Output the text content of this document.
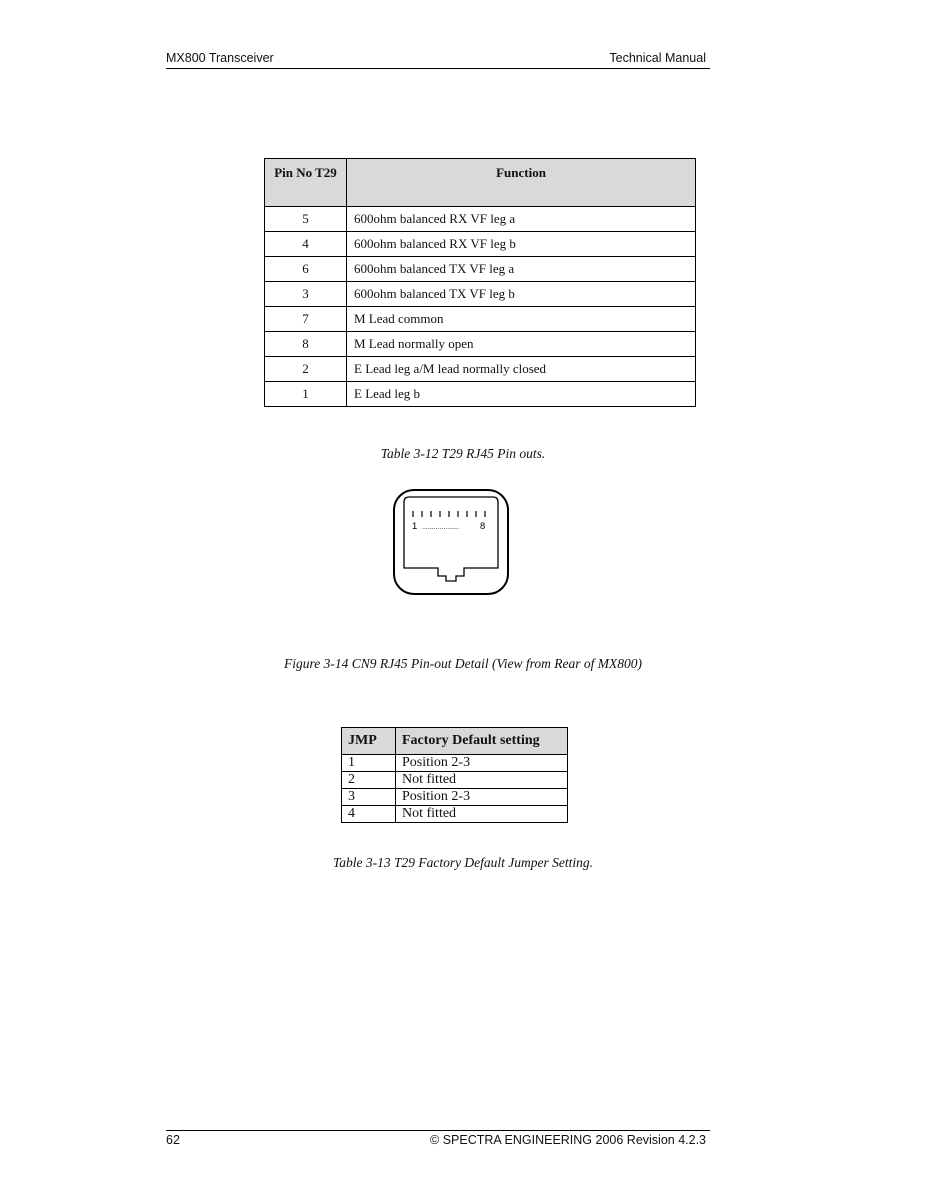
MX800 Transceiver	Technical Manual
Pin No T29	Function
5	600ohm balanced RX VF leg a
4	600ohm balanced RX VF leg b
6	600ohm balanced TX VF leg a
3	600ohm balanced TX VF leg b
7	M Lead common
8	M Lead normally open
2	E Lead leg a/M lead normally closed
1	E Lead leg b
Table 3-12 T29 RJ45 Pin outs.
1 ................... 8
Figure 3-14 CN9 RJ45 Pin-out Detail (View from Rear of MX800)
JMP	Factory Default setting
1	Position 2-3
2	Not fitted
3	Position 2-3
4	Not fitted
Table 3-13 T29 Factory Default Jumper Setting.
62	© SPECTRA ENGINEERING 2006 Revision 4.2.3
